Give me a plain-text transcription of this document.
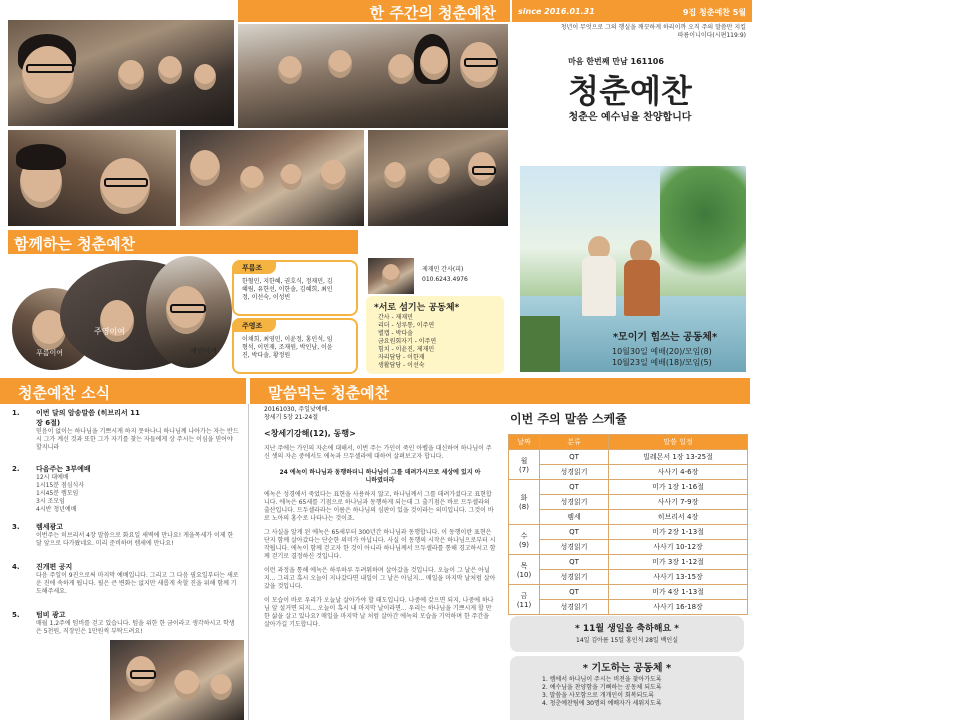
한 주간의 청춘예찬	since 2016.01.31	9집 청춘예찬 5월
청년이 무엇으로 그의 행실을 깨끗하게 하리이까 오직 주의 말씀만 지킬 따름이니이다(시편119:9)
마음 한번째 만남 161106
청춘예찬
청춘은 예수님을 찬양합니다
*모이기 힘쓰는 공동체*
10월30일 예배(20)/모임(8)
10월23일 예배(18)/모임(5)
함께하는 청춘예찬
푸름이여
주영이여
예민이여
푸름조
한혈민, 지한혜, 권호식, 정재민, 김혜림, 유한선, 이한솔, 김혜희, 최인정, 이선숙, 이성빈
주영조
이채희, 최영민, 이윤정, 홍인석, 임형석, 이민재, 조재원, 박인남, 이윤진, 박다솔, 황정원
제재민 간사(피)
010.6243.4976
*서로 섬기는 공동체*
간사 - 제재민
리더 - 성루통, 이주연
별캡 - 박다솔
금요원회자기 - 이주연
힘치 - 이윤진, 제재민
자리담당 - 이한재
생활담당 - 이선숙
청춘예찬 소식	말씀먹는 청춘예찬
1. 이번 달의 암송말씀 (히브리서 11장 6절)
믿음이 없이는 하나님을 기쁘시게 하지 못하나니 하나님께 나아가는 자는 반드시 그가 계신 것과 또한 그가 자기를 찾는 자들에게 상 주시는 이심을 믿어야 할지니라
2. 다음주는 3부예배
12시 대예배
1시15분 점심식사
1시45분 렘모임
3시 조모임
4시반 청년예배
3. 렘세광고
이번주는 히브리서 4장 말씀으로 화요일 새벽에 만나요! 게을목세가 이제 한 달 앞으로 다가왔네요. 미리 준비하며 렘세에 만나요!
4. 진개편 공지
다음 주일이 9진으로써 마지막 예배입니다. 그리고 그 다음 필요일부터는 새로운 진에 속하게 됩니다. 필은 큰 변화는 없지만 새롭게 속할 진을 위해 함께 기도해주세요.
5. 텀비 광고
매월 1,2주에 텀비를 걷고 있습니다. 텀을 위한 한 금이라고 생각하시고 학생은 5천원, 직장인은 1만원씩 부탁드려요!
20161030, 주일낮예배.
창세기 5장 21-24절
<창세기강해(12), 동행>
지난 주에는 가인의 자손에 대해서, 이번 주는 가인이 죽인 아벨을 대신하여 하나님이 주신 셋의 자손 중에서도 에녹과 므두셀라에 대하여 살펴보고자 합니다.
24 에녹이 하나님과 동행하더니 하나님이 그를 데려가시므로 세상에 있지 아니하였더라
에녹은 성경에서 죽었다는 표현을 사용하지 않고, 하나님께서 그를 데려가셨다고 표현합니다. 에녹은 65세를 기점으로 하나님과 동행하게 되는데 그 출기점은 바로 므두셀라의 출산입니다. 므두셀라라는 이름은 하나님의 심판이 있을 것이라는 의미입니다. 그것이 바로 노아의 홍수로 나타나는 것이죠.
그 사실을 알게 된 에녹은 65세부터 300년간 하나님과 동행합니다. 이 동행이란 표현은 단지 함께 살아갔다는 단순한 의미가 아닙니다. 사실 이 동행의 시작은 하나님으로부터 시작됩니다. 에녹이 함께 걷고자 한 것이 아니라 하나님께서 므두셀라를 통해 경고하시고 함께 걷기로 결정하신 것입니다.
이런 과정을 통해 에녹은 하루하루 두려워하며 살아갔을 것입니다. 오늘이 그 날은 아닐지... 그리고 혹시 오늘이 지나갔다면 내일이 그 날은 아닐지... 매일을 마지막 날처럼 살아갔을 것입니다.
이 모습이 바로 우리가 오늘날 살아가야 할 태도입니다. 나중에 갖으면 되지, 나중에 하나님 앞 설거면 되지... 오늘이 혹시 내 마지막 날이라면... 우리는 하나님을 기쁘시게 할 만한 삶을 살고 있나요? 매일을 마지막 날 처럼 살아간 에녹의 모습을 기억하며 한 주간을 살아가길 기도합니다.
이번 주의 말씀 스케쥴
날짜	분류	말씀 일정

월
(7)	QT	빌레몬서 1장 13-25절
	성경읽기	사사기 4-6장

화
(8)	QT	미가 1장 1-16절
	성경읽기	사사기 7-9장
	렘세	히브리서 4장

수
(9)	QT	미가 2장 1-13절
	성경읽기	사사기 10-12장

목
(10)	QT	미가 3장 1-12절
	성경읽기	사사기 13-15장

금
(11)	QT	미가 4장 1-13절
	성경읽기	사사기 16-18장
* 11월 생일을 축하해요 *
14일 김아름 15일 홍인석 28일 백인실
* 기도하는 공동체 *
1. 렘에서 하나님이 주시는 비전을 찾아가도록
2. 예수님을 찬양함을 기뻐하는 공동체 되도록
3. 말씀을 사모함으로 개개인이 회복되도록
4. 청춘예찬팀에 30명의 예배자가 세워지도록
